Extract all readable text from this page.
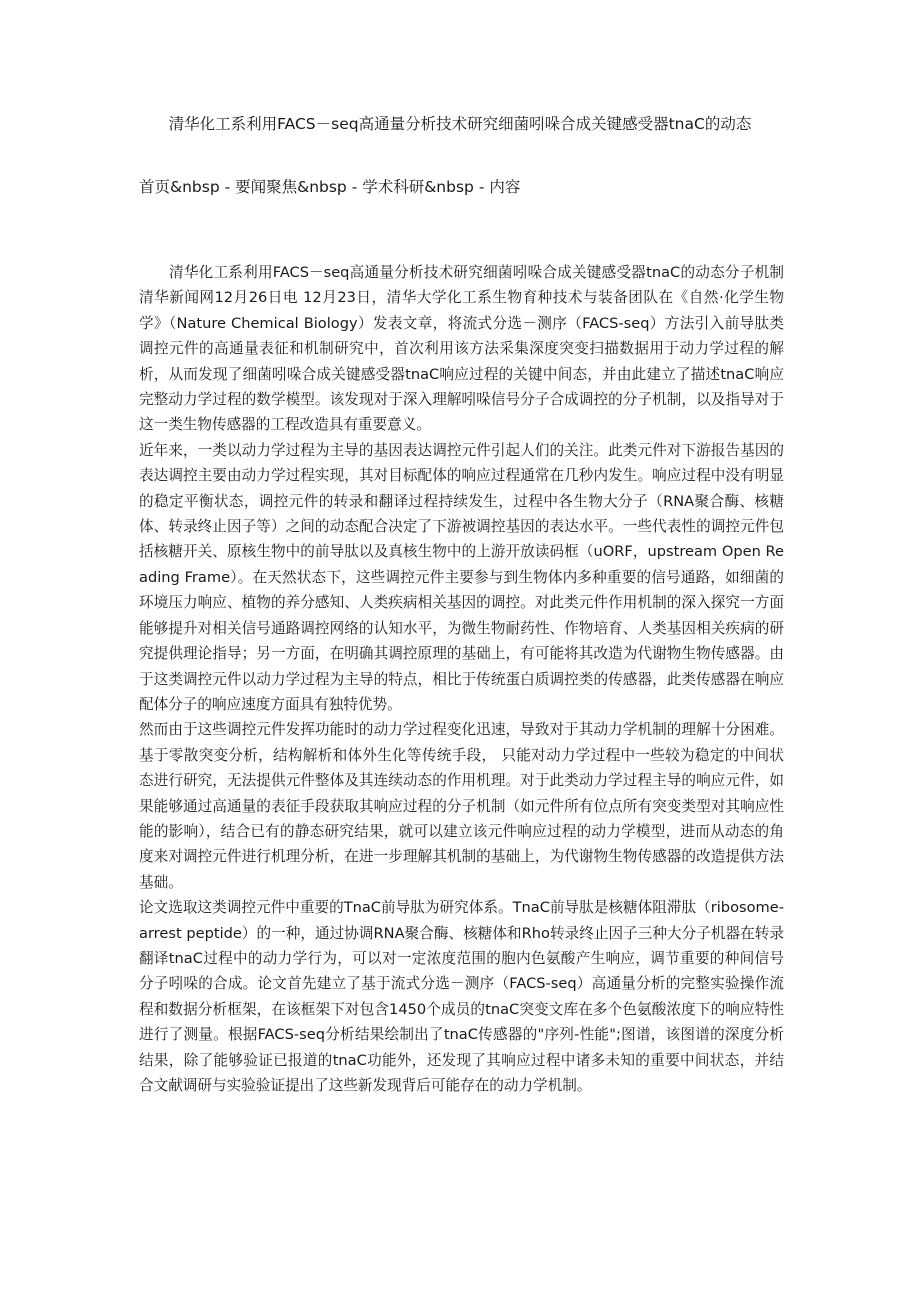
清华化工系利用FACS－seq高通量分析技术研究细菌吲哚合成关键感受器tnaC的动态
首页&nbsp - 要闻聚焦&nbsp - 学术科研&nbsp - 内容

清华化工系利用FACS－seq高通量分析技术研究细菌吲哚合成关键感受器tnaC的动态分子机制清华新闻网12月26日电 12月23日，清华大学化工系生物育种技术与装备团队在《自然·化学生物学》（Nature Chemical Biology）发表文章，将流式分选－测序（FACS-seq）方法引入前导肽类调控元件的高通量表征和机制研究中，首次利用该方法采集深度突变扫描数据用于动力学过程的解析，从而发现了细菌吲哚合成关键感受器tnaC响应过程的关键中间态，并由此建立了描述tnaC响应完整动力学过程的数学模型。该发现对于深入理解吲哚信号分子合成调控的分子机制，以及指导对于这一类生物传感器的工程改造具有重要意义。

近年来，一类以动力学过程为主导的基因表达调控元件引起人们的关注。此类元件对下游报告基因的表达调控主要由动力学过程实现，其对目标配体的响应过程通常在几秒内发生。响应过程中没有明显的稳定平衡状态，调控元件的转录和翻译过程持续发生，过程中各生物大分子（RNA聚合酶、核糖体、转录终止因子等）之间的动态配合决定了下游被调控基因的表达水平。一些代表性的调控元件包括核糖开关、原核生物中的前导肽以及真核生物中的上游开放读码框（uORF，upstream Open Reading Frame）。在天然状态下，这些调控元件主要参与到生物体内多种重要的信号通路，如细菌的环境压力响应、植物的养分感知、人类疾病相关基因的调控。对此类元件作用机制的深入探究一方面能够提升对相关信号通路调控网络的认知水平，为微生物耐药性、作物培育、人类基因相关疾病的研究提供理论指导；另一方面，在明确其调控原理的基础上，有可能将其改造为代谢物生物传感器。由于这类调控元件以动力学过程为主导的特点，相比于传统蛋白质调控类的传感器，此类传感器在响应配体分子的响应速度方面具有独特优势。

然而由于这些调控元件发挥功能时的动力学过程变化迅速，导致对于其动力学机制的理解十分困难。基于零散突变分析，结构解析和体外生化等传统手段， 只能对动力学过程中一些较为稳定的中间状态进行研究，无法提供元件整体及其连续动态的作用机理。对于此类动力学过程主导的响应元件，如果能够通过高通量的表征手段获取其响应过程的分子机制（如元件所有位点所有突变类型对其响应性能的影响），结合已有的静态研究结果，就可以建立该元件响应过程的动力学模型，进而从动态的角度来对调控元件进行机理分析，在进一步理解其机制的基础上，为代谢物生物传感器的改造提供方法基础。

论文选取这类调控元件中重要的TnaC前导肽为研究体系。TnaC前导肽是核糖体阻滞肽（ribosome-arrest peptide）的一种，通过协调RNA聚合酶、核糖体和Rho转录终止因子三种大分子机器在转录翻译tnaC过程中的动力学行为，可以对一定浓度范围的胞内色氨酸产生响应，调节重要的种间信号分子吲哚的合成。论文首先建立了基于流式分选－测序（FACS-seq）高通量分析的完整实验操作流程和数据分析框架，在该框架下对包含1450个成员的tnaC突变文库在多个色氨酸浓度下的响应特性进行了测量。根据FACS-seq分析结果绘制出了tnaC传感器的"序列-性能";图谱，该图谱的深度分析结果，除了能够验证已报道的tnaC功能外，还发现了其响应过程中诸多未知的重要中间状态，并结合文献调研与实验验证提出了这些新发现背后可能存在的动力学机制。
